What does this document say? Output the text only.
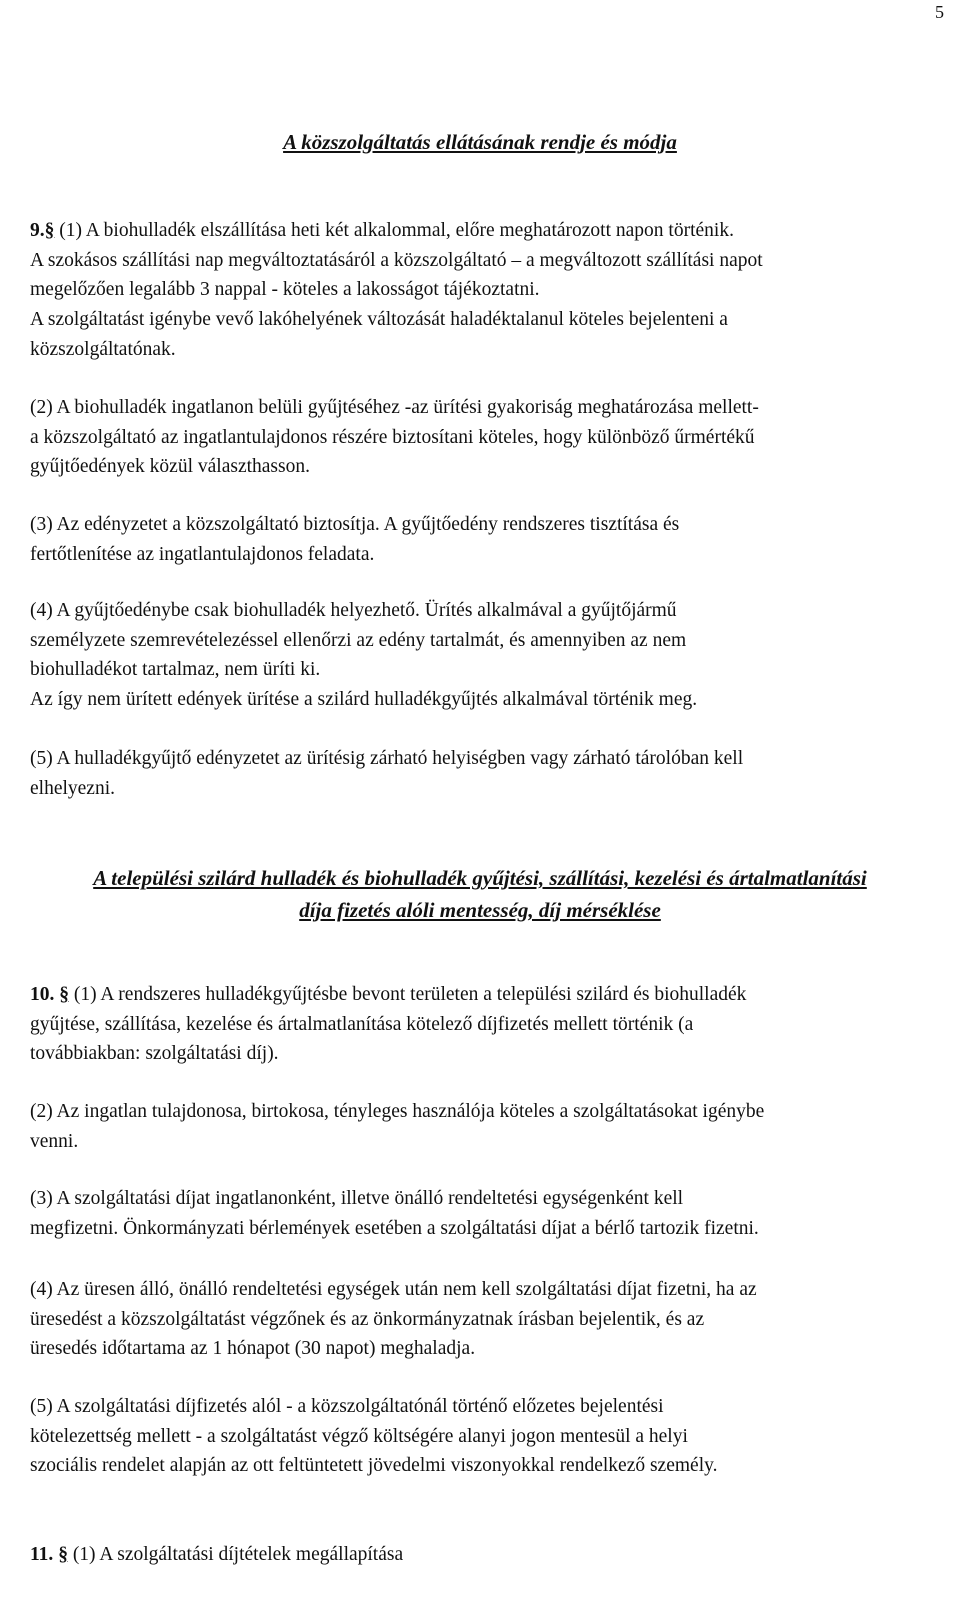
5
A közszolgáltatás ellátásának rendje és módja
9.§ (1) A biohulladék elszállítása heti két alkalommal, előre meghatározott napon történik.
A szokásos szállítási nap megváltoztatásáról a közszolgáltató – a megváltozott szállítási napot
megelőzően legalább 3 nappal - köteles a lakosságot tájékoztatni.
A szolgáltatást igénybe vevő lakóhelyének változását haladéktalanul köteles bejelenteni a
közszolgáltatónak.
(2) A biohulladék ingatlanon belüli gyűjtéséhez -az ürítési gyakoriság meghatározása mellett-
a közszolgáltató az ingatlantulajdonos részére biztosítani köteles, hogy különböző űrmértékű
gyűjtőedények közül választhasson.
(3) Az edényzetet a közszolgáltató biztosítja. A gyűjtőedény rendszeres tisztítása és
fertőtlenítése az ingatlantulajdonos feladata.
(4) A gyűjtőedénybe csak biohulladék helyezhető. Ürítés alkalmával a gyűjtőjármű
személyzete szemrevételezéssel ellenőrzi az edény tartalmát, és amennyiben az nem
biohulladékot tartalmaz, nem üríti ki.
Az így nem ürített edények ürítése a szilárd hulladékgyűjtés alkalmával történik meg.
(5) A hulladékgyűjtő edényzetet az ürítésig zárható helyiségben vagy zárható tárolóban kell
elhelyezni.
A települési szilárd hulladék és biohulladék gyűjtési, szállítási, kezelési és ártalmatlanítási
díja fizetés alóli mentesség, díj mérséklése
10. § (1) A rendszeres hulladékgyűjtésbe bevont területen a települési szilárd és biohulladék
gyűjtése, szállítása, kezelése és ártalmatlanítása kötelező díjfizetés mellett történik (a
továbbiakban: szolgáltatási díj).
(2) Az ingatlan tulajdonosa, birtokosa, tényleges használója köteles a szolgáltatásokat igénybe
venni.
(3) A szolgáltatási díjat ingatlanonként, illetve önálló rendeltetési egységenként kell
megfizetni. Önkormányzati bérlemények esetében a szolgáltatási díjat a bérlő tartozik fizetni.
(4) Az üresen álló, önálló rendeltetési egységek után nem kell szolgáltatási díjat fizetni, ha az
üresedést a közszolgáltatást végzőnek és az önkormányzatnak írásban bejelentik, és az
üresedés időtartama az 1 hónapot (30 napot) meghaladja.
(5) A szolgáltatási díjfizetés alól - a közszolgáltatónál történő előzetes bejelentési
kötelezettség mellett - a szolgáltatást végző költségére alanyi jogon mentesül a helyi
szociális rendelet alapján az ott feltüntetett jövedelmi viszonyokkal rendelkező személy.
11. § (1) A szolgáltatási díjtételek megállapítása
